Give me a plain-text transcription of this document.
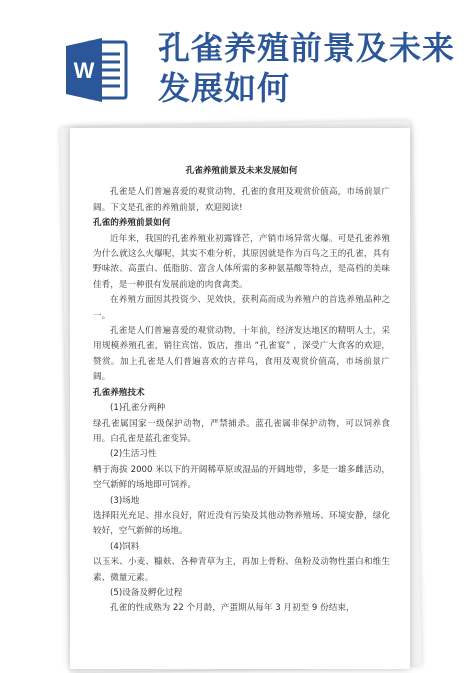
W
孔雀养殖前景及未来发展如何

孔雀养殖前景及未来发展如何

孔雀是人们普遍喜爱的观赏动物，孔雀的食用及观赏价值高，市场前景广阔。下文是孔雀的养殖前景，欢迎阅读!

孔雀的养殖前景如何

近年来，我国的孔雀养殖业初露锋芒，产销市场异常火爆。可是孔雀养殖为什么就这么火爆呢，其实不难分析，其原因就是作为百鸟之王的孔雀，具有野味浓、高蛋白、低脂肪、富含人体所需的多种氨基酸等特点，是高档的美味佳肴，是一种很有发展前途的肉食禽类。

在养殖方面因其投资少、见效快，获利高而成为养殖户的首选养殖品种之一。

孔雀是人们普遍喜爱的观赏动物，十年前，经济发达地区的精明人士，采用规模养殖孔雀，销往宾馆、饭店，推出 “孔雀宴” ，深受广大食客的欢迎， 赞赏。加上孔雀是人们普遍喜欢的吉祥鸟，食用及观赏价值高，市场前景广阔。

孔雀养殖技术

(1)孔雀分两种

绿孔雀属国家一级保护动物，严禁捕杀。蓝孔雀属非保护动物，可以饲养食用。白孔雀是蓝孔雀变异。

(2)生活习性

栖于海拔 2000 米以下的开阔稀草原或湿品的开阔地带，多是一雄多雌活动，空气新鲜的场地即可饲养。

(3)场地

选择阳光充足、排水良好，附近没有污染及其他动物养殖场、环境安静，绿化较好，空气新鲜的场地。

(4)饲料

以玉米、小麦、糠麸、各种青草为主，再加上骨粉、鱼粉及动物性蛋白和维生素、微量元素。

(5)设备及孵化过程

孔雀的性成熟为 22 个月龄，产蛋期从每年 3 月初至 9 份结束，
